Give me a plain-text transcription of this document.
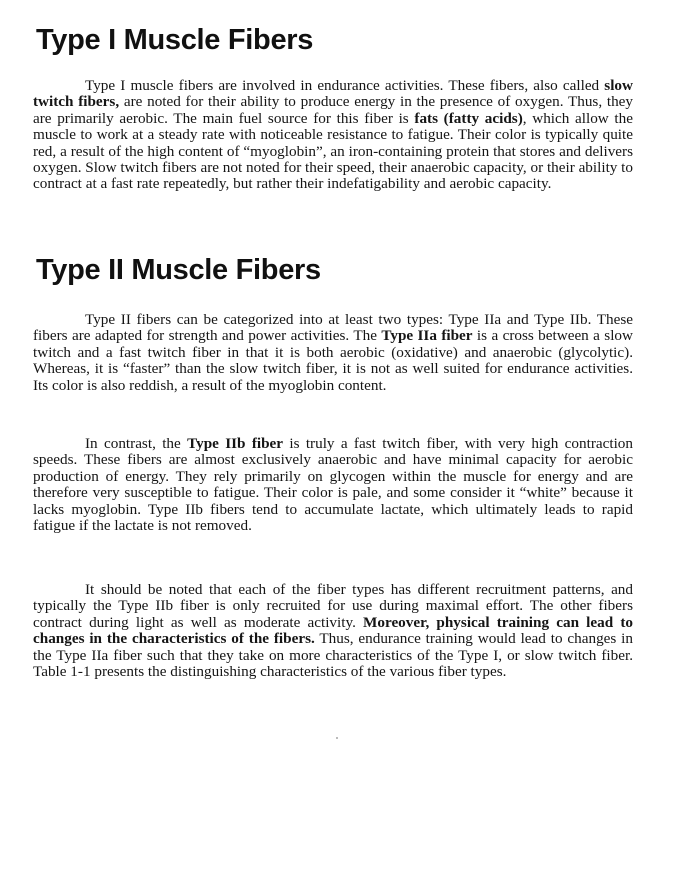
Type I Muscle Fibers

Type I muscle fibers are involved in endurance activities. These fibers, also called slow twitch fibers, are noted for their ability to produce energy in the presence of oxygen. Thus, they are primarily aerobic. The main fuel source for this fiber is fats (fatty acids), which allow the muscle to work at a steady rate with noticeable resistance to fatigue. Their color is typically quite red, a result of the high content of “myoglobin”, an iron-containing protein that stores and delivers oxygen. Slow twitch fibers are not noted for their speed, their anaerobic capacity, or their ability to contract at a fast rate repeatedly, but rather their indefatigability and aerobic capacity.

Type II Muscle Fibers

Type II fibers can be categorized into at least two types: Type IIa and Type IIb. These fibers are adapted for strength and power activities. The Type IIa fiber is a cross between a slow twitch and a fast twitch fiber in that it is both aerobic (oxidative) and anaerobic (glycolytic). Whereas, it is “faster” than the slow twitch fiber, it is not as well suited for endurance activities. Its color is also reddish, a result of the myoglobin content.

In contrast, the Type IIb fiber is truly a fast twitch fiber, with very high contraction speeds. These fibers are almost exclusively anaerobic and have minimal capacity for aerobic production of energy. They rely primarily on glycogen within the muscle for energy and are therefore very susceptible to fatigue. Their color is pale, and some consider it “white” because it lacks myoglobin. Type IIb fibers tend to accumulate lactate, which ultimately leads to rapid fatigue if the lactate is not removed.

It should be noted that each of the fiber types has different recruitment patterns, and typically the Type IIb fiber is only recruited for use during maximal effort. The other fibers contract during light as well as moderate activity. Moreover, physical training can lead to changes in the characteristics of the fibers. Thus, endurance training would lead to changes in the Type IIa fiber such that they take on more characteristics of the Type I, or slow twitch fiber. Table 1-1 presents the distinguishing characteristics of the various fiber types.
